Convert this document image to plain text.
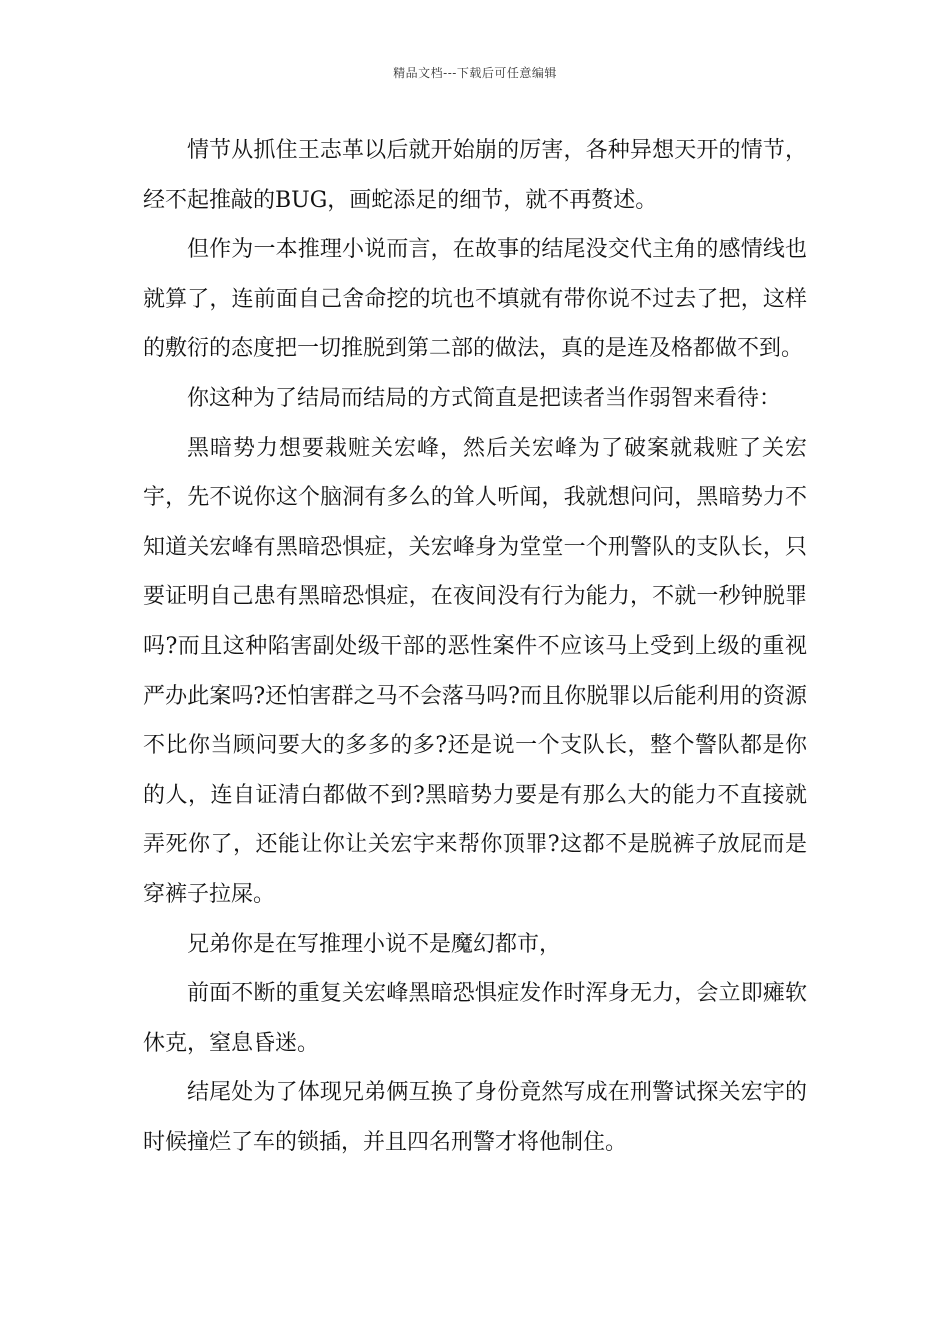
精品文档---下载后可任意编辑

情节从抓住王志革以后就开始崩的厉害，各种异想天开的情节，经不起推敲的BUG，画蛇添足的细节，就不再赘述。

但作为一本推理小说而言，在故事的结尾没交代主角的感情线也就算了，连前面自己舍命挖的坑也不填就有带你说不过去了把，这样的敷衍的态度把一切推脱到第二部的做法，真的是连及格都做不到。

你这种为了结局而结局的方式简直是把读者当作弱智来看待：

黑暗势力想要栽赃关宏峰，然后关宏峰为了破案就栽赃了关宏宇，先不说你这个脑洞有多么的耸人听闻，我就想问问，黑暗势力不知道关宏峰有黑暗恐惧症，关宏峰身为堂堂一个刑警队的支队长，只要证明自己患有黑暗恐惧症，在夜间没有行为能力，不就一秒钟脱罪吗?而且这种陷害副处级干部的恶性案件不应该马上受到上级的重视严办此案吗?还怕害群之马不会落马吗?而且你脱罪以后能利用的资源不比你当顾问要大的多多的多?还是说一个支队长，整个警队都是你的人，连自证清白都做不到?黑暗势力要是有那么大的能力不直接就弄死你了，还能让你让关宏宇来帮你顶罪?这都不是脱裤子放屁而是穿裤子拉屎。

兄弟你是在写推理小说不是魔幻都市，

前面不断的重复关宏峰黑暗恐惧症发作时浑身无力，会立即瘫软休克，窒息昏迷。

结尾处为了体现兄弟俩互换了身份竟然写成在刑警试探关宏宇的时候撞烂了车的锁插，并且四名刑警才将他制住。
